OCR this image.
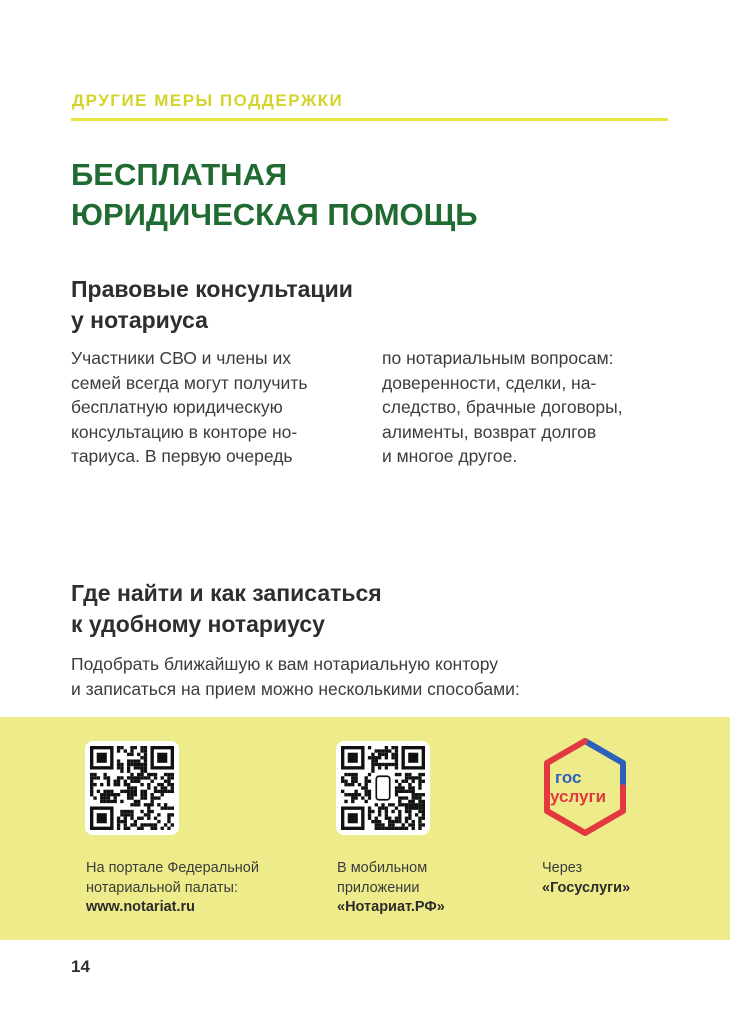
ДРУГИЕ МЕРЫ ПОДДЕРЖКИ
БЕСПЛАТНАЯ
ЮРИДИЧЕСКАЯ ПОМОЩЬ
Правовые консультации
у нотариуса
Участники СВО и члены их
семей всегда могут получить
бесплатную юридическую
консультацию в конторе но-
тариуса. В первую очередь
по нотариальным вопросам:
доверенности, сделки, на-
следство, брачные договоры,
алименты, возврат долгов
и многое другое.
Где найти и как записаться
к удобному нотариусу
Подобрать ближайшую к вам нотариальную контору
и записаться на прием можно несколькими способами:
гос
услуги
На портале Федеральной
нотариальной палаты:
www.notariat.ru
В мобильном
приложении
«Нотариат.РФ»
Через
«Госуслуги»
14
